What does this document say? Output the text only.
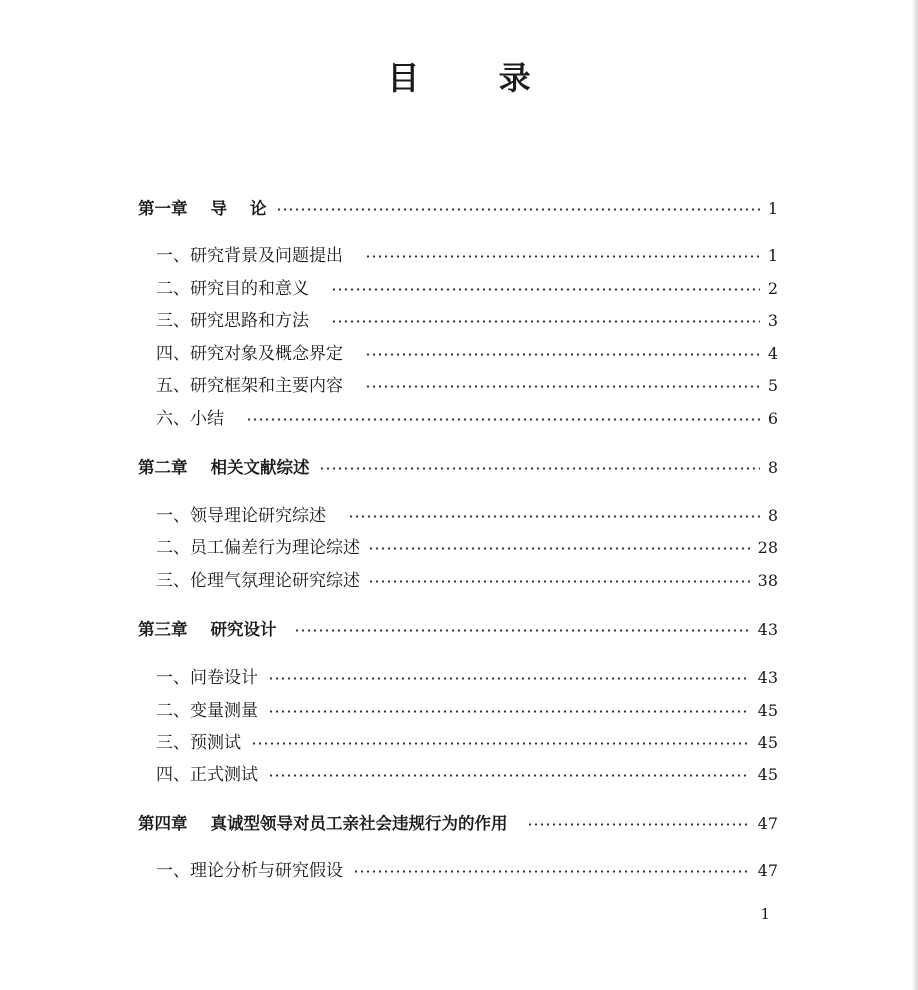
目 录
第一章    导    论	1
一、研究背景及问题提出	1
二、研究目的和意义	2
三、研究思路和方法	3
四、研究对象及概念界定	4
五、研究框架和主要内容	5
六、小结	6
第二章    相关文献综述	8
一、领导理论研究综述	8
二、员工偏差行为理论综述	28
三、伦理气氛理论研究综述	38
第三章    研究设计	43
一、问卷设计	43
二、变量测量	45
三、预测试	45
四、正式测试	45
第四章    真诚型领导对员工亲社会违规行为的作用	47
一、理论分析与研究假设	47
1
